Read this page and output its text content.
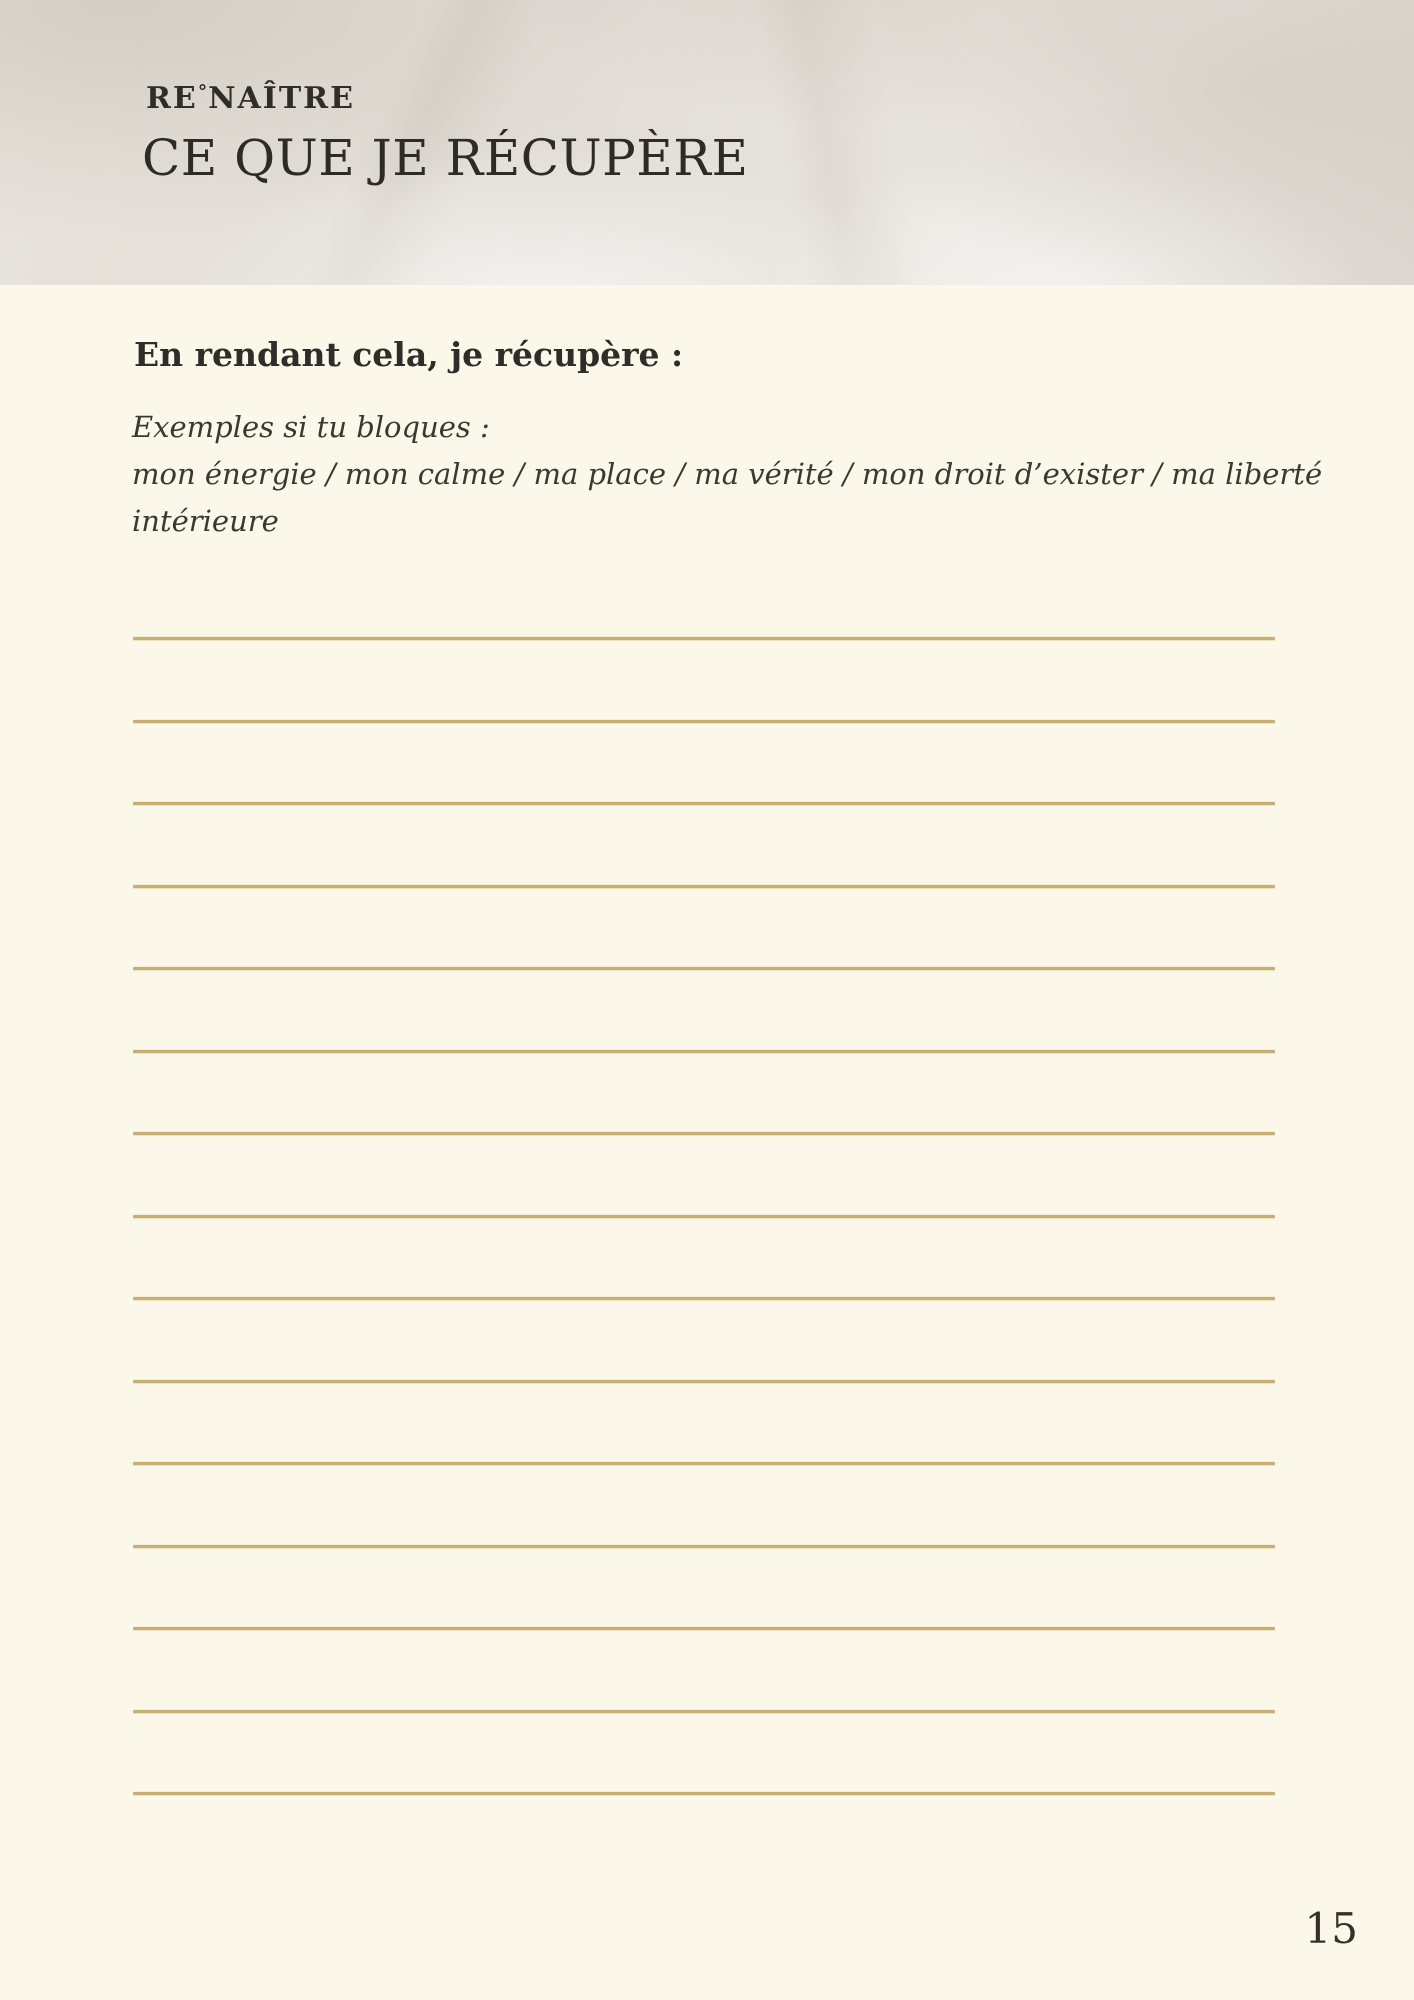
RE°NAÎTRE
CE QUE JE RÉCUPÈRE
En rendant cela, je récupère :
Exemples si tu bloques :
mon énergie / mon calme / ma place / ma vérité / mon droit d’exister / ma liberté
intérieure
15
